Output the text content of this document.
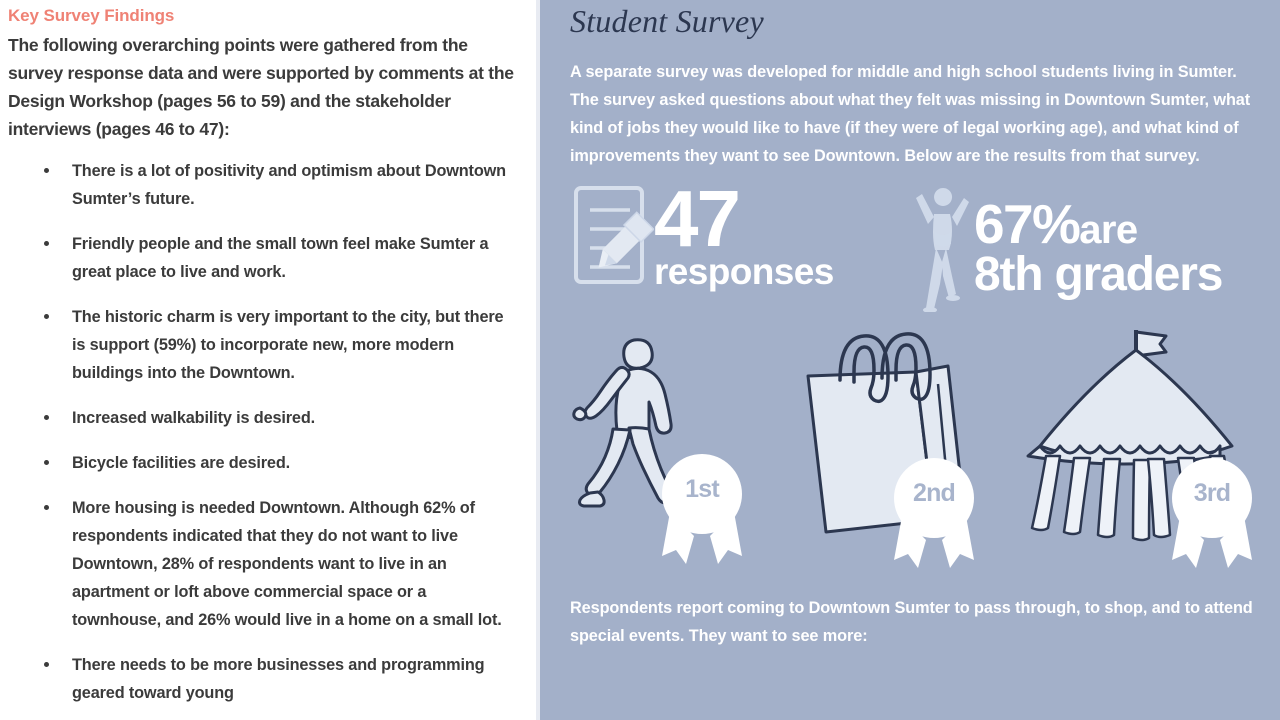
Key Survey Findings

The following overarching points were gathered from the survey response data and were supported by comments at the Design Workshop (pages 56 to 59) and the stakeholder interviews (pages 46 to 47):

There is a lot of positivity and optimism about Downtown Sumter’s future.
Friendly people and the small town feel make Sumter a great place to live and work.
The historic charm is very important to the city, but there is support (59%) to incorporate new, more modern buildings into the Downtown.
Increased walkability is desired.
Bicycle facilities are desired.
More housing is needed Downtown. Although 62% of respondents indicated that they do not want to live Downtown, 28% of respondents want to live in an apartment or loft above commercial space or a townhouse, and 26% would live in a home on a small lot.
There needs to be more businesses and programming geared toward young
Student Survey

A separate survey was developed for middle and high school students living in Sumter. The survey asked questions about what they felt was missing in Downtown Sumter, what kind of jobs they would like to have (if they were of legal working age), and what kind of improvements they want to see Downtown. Below are the results from that survey.

47
responses
67%are
8th graders
1st	2nd	3rd

Respondents report coming to Downtown Sumter to pass through, to shop, and to attend special events. They want to see more:
